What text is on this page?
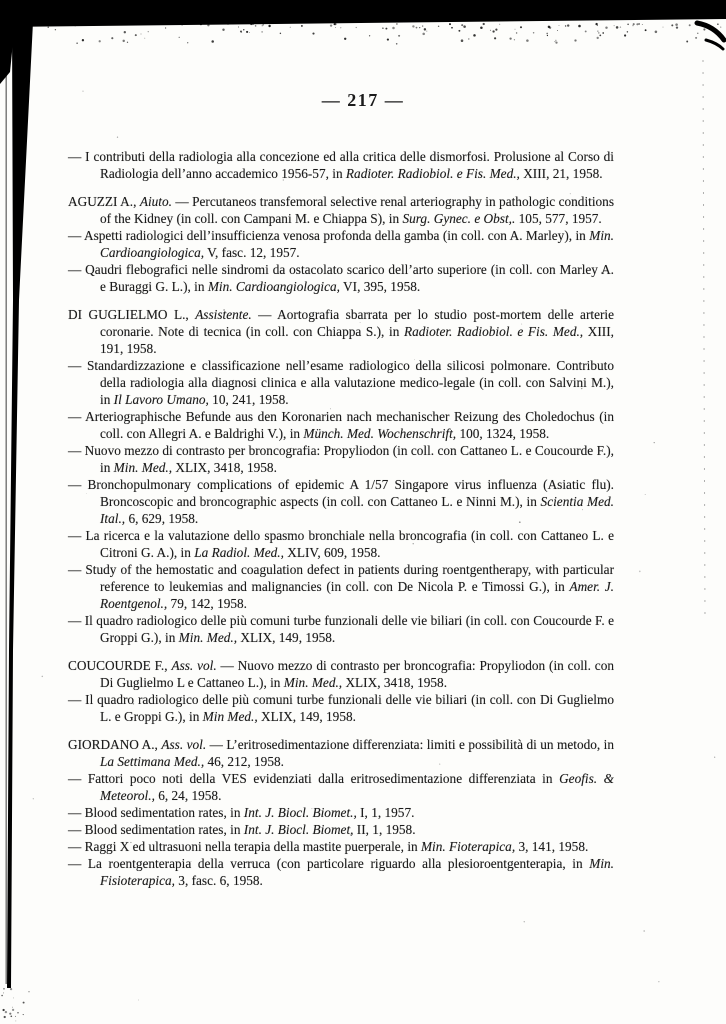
— 217 —

— I contributi della radiologia alla concezione ed alla critica delle dismorfosi. Prolusione al Corso di Radiologia dell’anno accademico 1956-57, in Radioter. Radiobiol. e Fis. Med., XIII, 21, 1958.

AGUZZI A., Aiuto. — Percutaneos transfemoral selective renal arteriography in pathologic conditions of the Kidney (in coll. con Campani M. e Chiappa S), in Surg. Gynec. e Obst,. 105, 577, 1957.

— Aspetti radiologici dell’insufficienza venosa profonda della gamba (in coll. con A. Marley), in Min. Cardioangiologica, V, fasc. 12, 1957.

— Qaudri flebografici nelle sindromi da ostacolato scarico dell’arto superiore (in coll. con Marley A. e Buraggi G. L.), in Min. Cardioangiologica, VI, 395, 1958.

DI GUGLIELMO L., Assistente. — Aortografia sbarrata per lo studio post-mortem delle arterie coronarie. Note di tecnica (in coll. con Chiappa S.), in Radioter. Radiobiol. e Fis. Med., XIII, 191, 1958.

— Standardizzazione e classificazione nell’esame radiologico della silicosi polmonare. Contributo della radiologia alla diagnosi clinica e alla valutazione medico-legale (in coll. con Salvini M.), in Il Lavoro Umano, 10, 241, 1958.

— Arteriographische Befunde aus den Koronarien nach mechanischer Reizung des Choledochus (in coll. con Allegri A. e Baldrighi V.), in Münch. Med. Wochenschrift, 100, 1324, 1958.

— Nuovo mezzo di contrasto per broncografia: Propyliodon (in coll. con Cattaneo L. e Coucourde F.), in Min. Med., XLIX, 3418, 1958.

— Bronchopulmonary complications of epidemic A 1/57 Singapore virus influenza (Asiatic flu). Broncoscopic and broncographic aspects (in coll. con Cattaneo L. e Ninni M.), in Scientia Med. Ital., 6, 629, 1958.

— La ricerca e la valutazione dello spasmo bronchiale nella broncografia (in coll. con Cattaneo L. e Citroni G. A.), in La Radiol. Med., XLIV, 609, 1958.

— Study of the hemostatic and coagulation defect in patients during roentgentherapy, with particular reference to leukemias and malignancies (in coll. con De Nicola P. e Timossi G.), in Amer. J. Roentgenol., 79, 142, 1958.

— Il quadro radiologico delle più comuni turbe funzionali delle vie biliari (in coll. con Coucourde F. e Groppi G.), in Min. Med., XLIX, 149, 1958.

COUCOURDE F., Ass. vol. — Nuovo mezzo di contrasto per broncografia: Propyliodon (in coll. con Di Guglielmo L e Cattaneo L.), in Min. Med., XLIX, 3418, 1958.

— Il quadro radiologico delle più comuni turbe funzionali delle vie biliari (in coll. con Di Guglielmo L. e Groppi G.), in Min Med., XLIX, 149, 1958.

GIORDANO A., Ass. vol. — L’eritrosedimentazione differenziata: limiti e possibilità di un metodo, in La Settimana Med., 46, 212, 1958.

— Fattori poco noti della VES evidenziati dalla eritrosedimentazione differenziata in Geofis. & Meteorol., 6, 24, 1958.

— Blood sedimentation rates, in Int. J. Biocl. Biomet., I, 1, 1957.

— Blood sedimentation rates, in Int. J. Biocl. Biomet, II, 1, 1958.

— Raggi X ed ultrasuoni nella terapia della mastite puerperale, in Min. Fioterapica, 3, 141, 1958.

— La roentgenterapia della verruca (con particolare riguardo alla plesioroentgenterapia, in Min. Fisioterapica, 3, fasc. 6, 1958.
